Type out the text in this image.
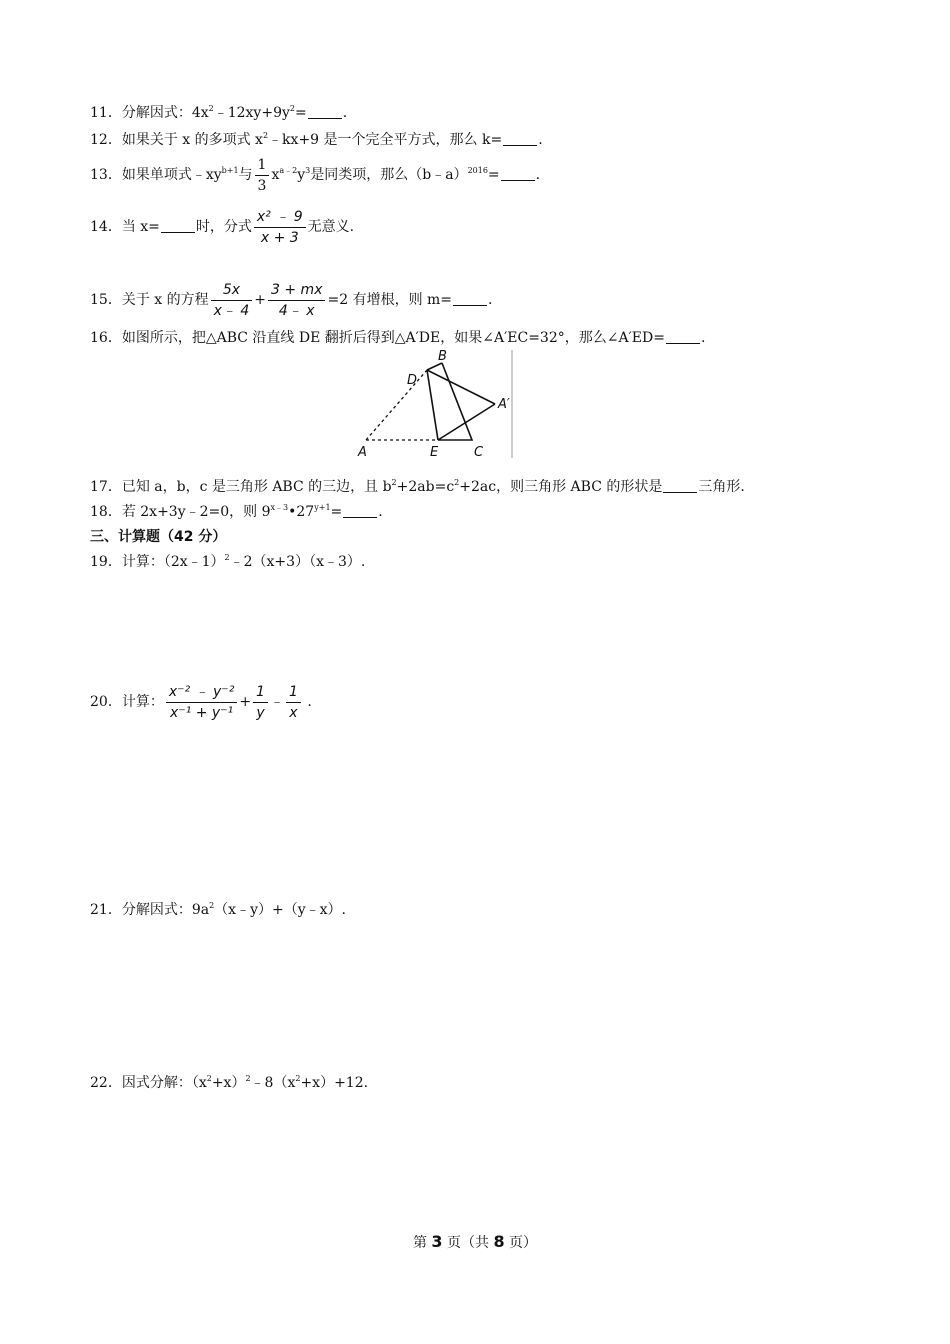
11．分解因式：$4x^2﹣12xy+9y^2=$	.
12．如果关于 x 的多项式 $x^2﹣kx+9$ 是一个完全平方式，那么 k=	.
13．如果单项式$﹣xy^{b+1}$与 $\frac{1}{3} x^{a﹣2}y^3$是同类项，那么（b﹣a）$^{2016}$=	.
14．当 x=	时，分式 $\frac{\text{x² ﹣ 9}}{x + 3}$ 无意义.
15．关于 x 的方程 $\frac{5x}{x﹣ 4} + \frac{3 + mx}{4﹣ x} =2$ 有增根，则 m=	.
16．如图所示，把△ABC 沿直线 DE 翻折后得到△A′DE，如果∠A′EC=32°，那么∠A′ED=	.
A
B
C
D
E
A′
17．已知 a，b，c 是三角形 ABC 的三边，且 $b^2+2ab=c^2+2ac$，则三角形 ABC 的形状是	三角形.
18．若 2x+3y﹣2=0，则 $9^{x﹣3}•27^{y+1}=$	.
三、计算题（42 分）
19．计算：（2x﹣1）$^2$﹣2（x+3）（x﹣3）.
20．计算： $\frac{\text{x⁻² ﹣ y⁻²}}{\text{x⁻¹ + y⁻¹}} + \frac{1}{y}$ ﹣ $\frac{1}{x}$ .
21．分解因式：$9a^2(x﹣y)+(y﹣x)$.
22．因式分解：$(x^2+x)^2﹣8(x^2+x)+12$.
第 3 页（共 8 页）
